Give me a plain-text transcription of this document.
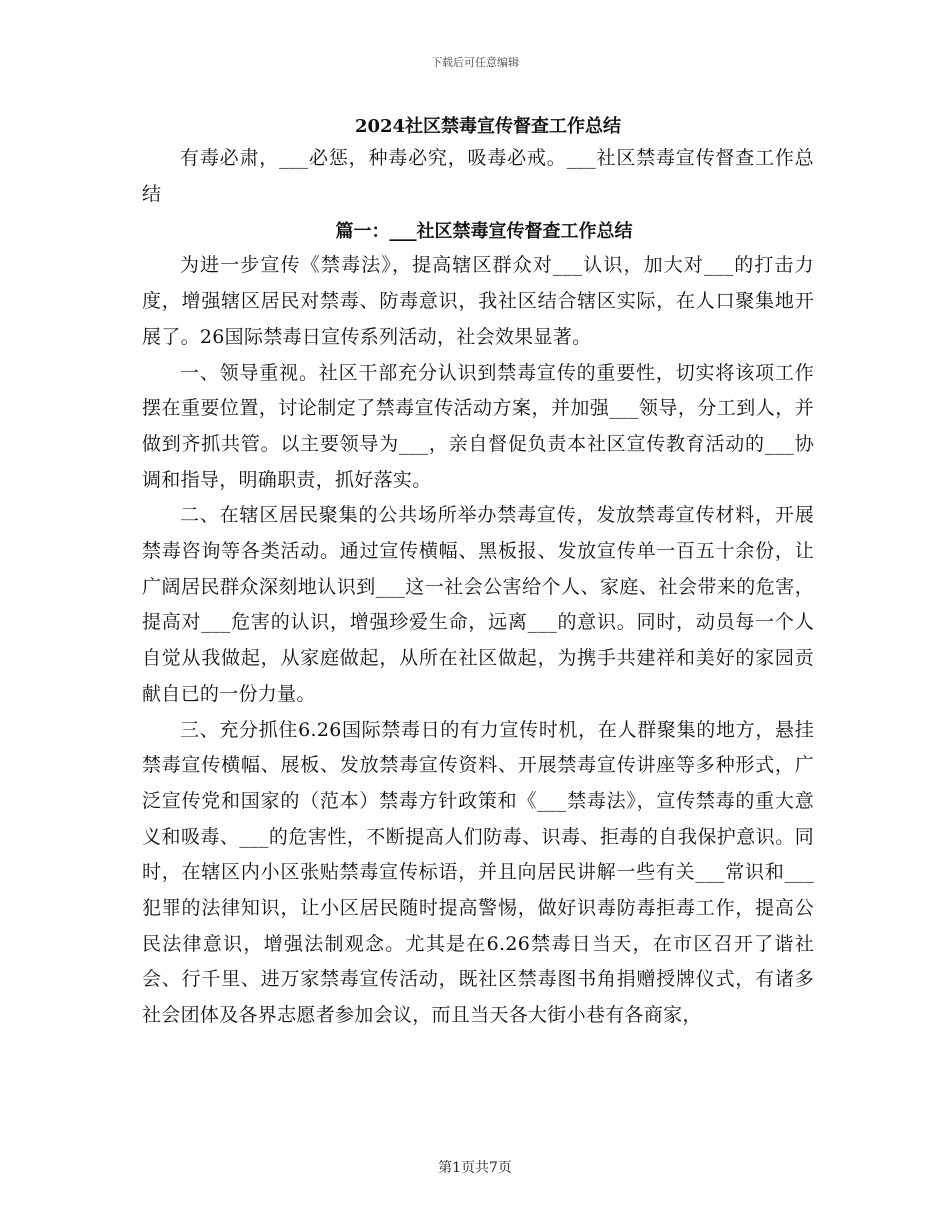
下载后可任意编辑
2024社区禁毒宣传督查工作总结

有毒必肃，___必惩，种毒必究，吸毒必戒。___社区禁毒宣传督查工作总结

篇一：___社区禁毒宣传督查工作总结

为进一步宣传《禁毒法》，提高辖区群众对___认识，加大对___的打击力度，增强辖区居民对禁毒、防毒意识，我社区结合辖区实际，在人口聚集地开展了。26国际禁毒日宣传系列活动，社会效果显著。

一、领导重视。社区干部充分认识到禁毒宣传的重要性，切实将该项工作摆在重要位置，讨论制定了禁毒宣传活动方案，并加强___领导，分工到人，并做到齐抓共管。以主要领导为___，亲自督促负责本社区宣传教育活动的___协调和指导，明确职责，抓好落实。

二、在辖区居民聚集的公共场所举办禁毒宣传，发放禁毒宣传材料，开展禁毒咨询等各类活动。通过宣传横幅、黑板报、发放宣传单一百五十余份，让广阔居民群众深刻地认识到___这一社会公害给个人、家庭、社会带来的危害，提高对___危害的认识，增强珍爱生命，远离___的意识。同时，动员每一个人自觉从我做起，从家庭做起，从所在社区做起，为携手共建祥和美好的家园贡献自已的一份力量。

三、充分抓住6.26国际禁毒日的有力宣传时机，在人群聚集的地方，悬挂禁毒宣传横幅、展板、发放禁毒宣传资料、开展禁毒宣传讲座等多种形式，广泛宣传党和国家的（范本）禁毒方针政策和《___禁毒法》，宣传禁毒的重大意义和吸毒、___的危害性，不断提高人们防毒、识毒、拒毒的自我保护意识。同时，在辖区内小区张贴禁毒宣传标语，并且向居民讲解一些有关___常识和___犯罪的法律知识，让小区居民随时提高警惕，做好识毒防毒拒毒工作，提高公民法律意识，增强法制观念。尤其是在6.26禁毒日当天，在市区召开了谐社会、行千里、进万家禁毒宣传活动，既社区禁毒图书角捐赠授牌仪式，有诸多社会团体及各界志愿者参加会议，而且当天各大街小巷有各商家，

第1页共7页
